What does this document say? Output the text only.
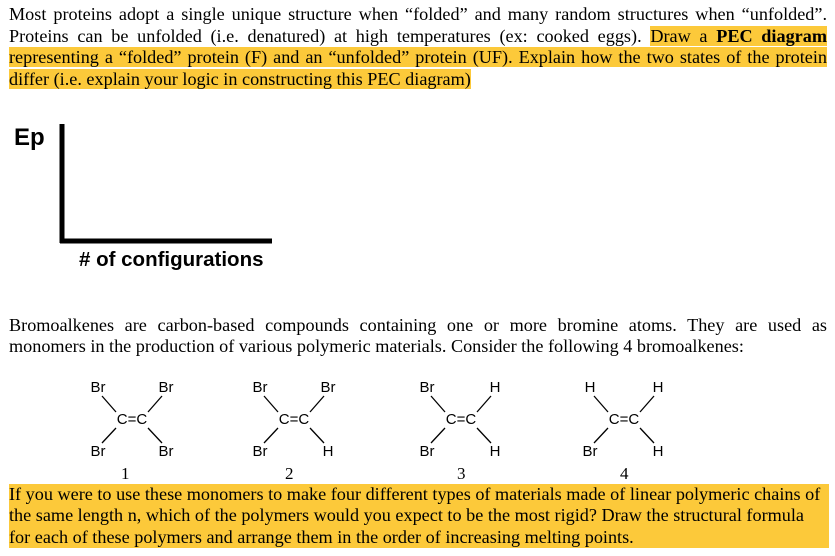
Most proteins adopt a single unique structure when “folded” and many random structures when “unfolded”. Proteins can be unfolded (i.e. denatured) at high temperatures (ex: cooked eggs). Draw a PEC diagram representing a “folded” protein (F) and an “unfolded” protein (UF). Explain how the two states of the protein differ (i.e. explain your logic in constructing this PEC diagram)
Ep
# of configurations
Bromoalkenes are carbon-based compounds containing one or more bromine atoms. They are used as monomers in the production of various polymeric materials. Consider the following 4 bromoalkenes:
Br	Br
Br	Br
C=C
Br	Br
Br	H
C=C
Br	H
Br	H
C=C
H	H
Br	H
C=C
1	2	3	4
If you were to use these monomers to make four different types of materials made of linear polymeric chains of the same length n, which of the polymers would you expect to be the most rigid? Draw the structural formula for each of these polymers and arrange them in the order of increasing melting points.
